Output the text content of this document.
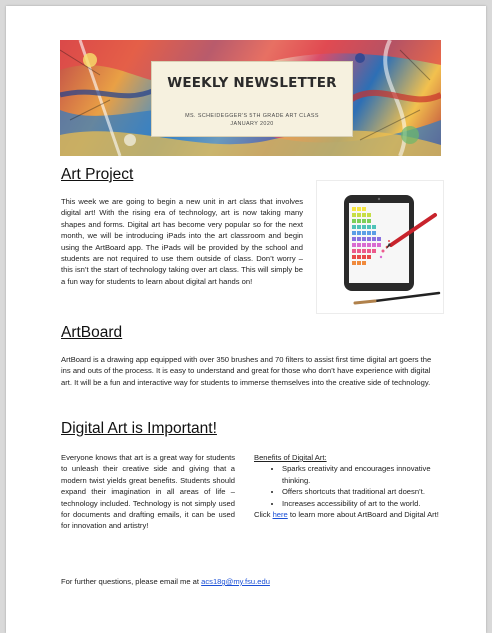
WEEKLY NEWSLETTER
MS. SCHEIDEGGER'S 5TH GRADE ART CLASS
JANUARY 2020
Art Project
This week we are going to begin a new unit in art class that involves digital art! With the rising era of technology, art is now taking many shapes and forms. Digital art has become very popular so for the next month, we will be introducing iPads into the art classroom and begin using the ArtBoard app. The iPads will be provided by the school and students are not required to use them outside of class. Don’t worry – this isn’t the start of technology taking over art class. This will simply be a fun way for students to learn about digital art hands on!
ArtBoard
ArtBoard is a drawing app equipped with over 350 brushes and 70 filters to assist first time digital art goers the ins and outs of the process. It is easy to understand and great for those who don’t have experience with digital art. It will be a fun and interactive way for students to immerse themselves into the creative side of technology.
Digital Art is Important!
Everyone knows that art is a great way for students to unleash their creative side and giving that a modern twist yields great benefits. Students should expand their imagination in all areas of life – technology included. Technology is not simply used for documents and drafting emails, it can be used for innovation and artistry!
Benefits of Digital Art:
• Sparks creativity and encourages innovative thinking.
• Offers shortcuts that traditional art doesn’t.
• Increases accessibility of art to the world.
Click here to learn more about ArtBoard and Digital Art!
For further questions, please email me at acs18g@my.fsu.edu
